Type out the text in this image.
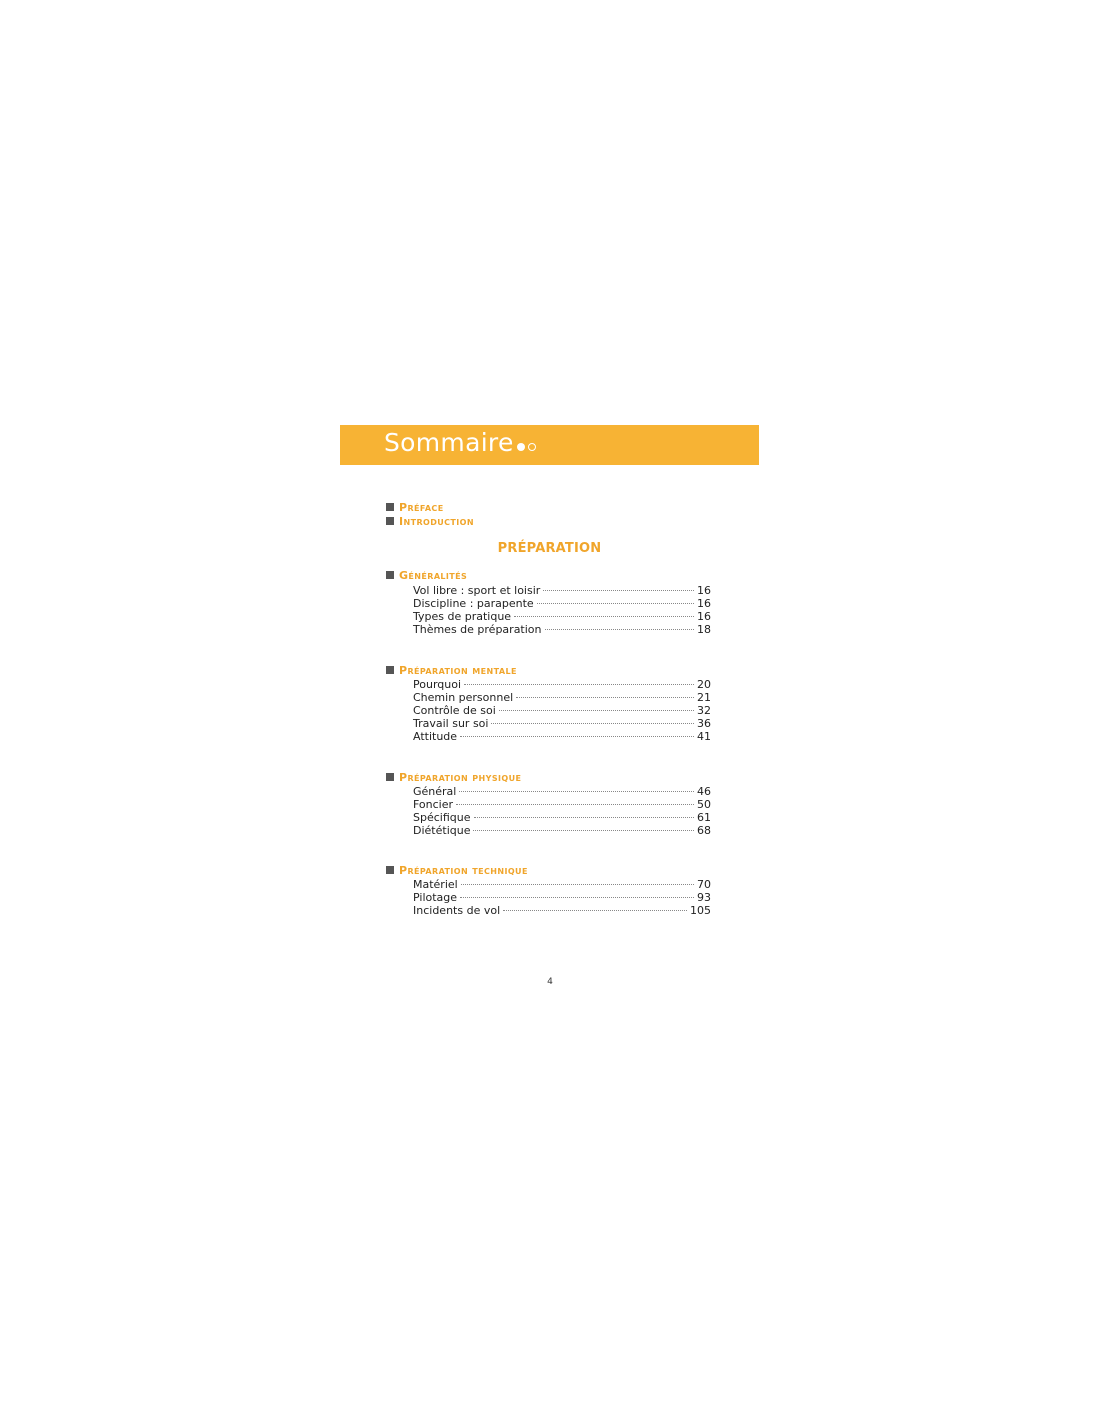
Sommaire
Préface
Introduction
PRÉPARATION
Généralités
Vol libre : sport et loisir	16
Discipline : parapente	16
Types de pratique	16
Thèmes de préparation	18
Préparation mentale
Pourquoi	20
Chemin personnel	21
Contrôle de soi	32
Travail sur soi	36
Attitude	41
Préparation physique
Général	46
Foncier	50
Spécifique	61
Diététique	68
Préparation technique
Matériel	70
Pilotage	93
Incidents de vol	105
4
